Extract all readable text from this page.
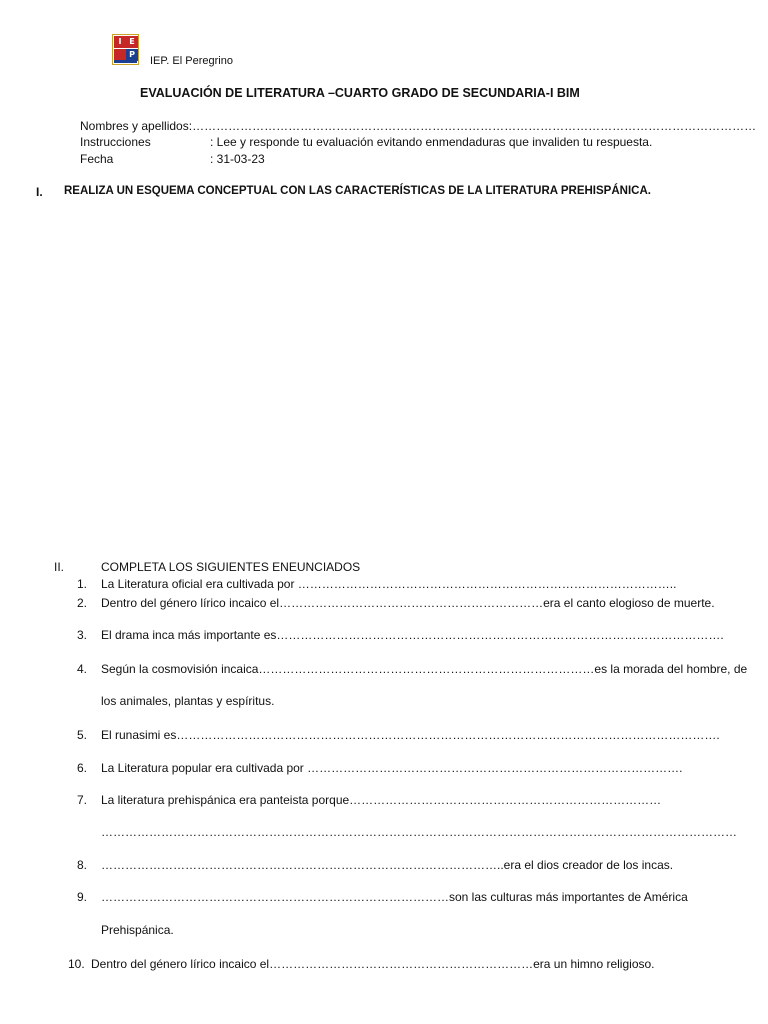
I E
P
IEP. El Peregrino
EVALUACIÓN DE LITERATURA –CUARTO GRADO DE SECUNDARIA-I BIM
Nombres y apellidos:……………………………………………………………………………………………………………………………
Instrucciones	: Lee y responde tu evaluación evitando enmendaduras que invaliden tu respuesta.
Fecha	: 31-03-23
I. REALIZA UN ESQUEMA CONCEPTUAL CON LAS CARACTERÍSTICAS DE LA LITERATURA PREHISPÁNICA.
II.	COMPLETA LOS SIGUIENTES ENEUNCIADOS
1. La Literatura oficial era cultivada por …………………………………………………………………………………..
2. Dentro del género lírico incaico el…………………………………………………………era el canto elogioso de muerte.
3. El drama inca más importante es………………………………………………………………………………………………….
4. Según la cosmovisión incaica…………………………………………………………………………es la morada del hombre, de
los animales, plantas y espíritus.
5. El runasimi es……………………………………………………………………………………………………………………….
6. La Literatura popular era cultivada por ………………………………………………………………………………….
7. La literatura prehispánica era panteista porque……………………………………………………………………
……………………………………………………………………………………………………………………………………………
8. ………………………………………………………………………………………..era el dios creador de los incas.
9. ……………………………………………………………………………son las culturas más importantes de América
Prehispánica.
10. Dentro del género lírico incaico el…………………………………………………………era un himno religioso.
